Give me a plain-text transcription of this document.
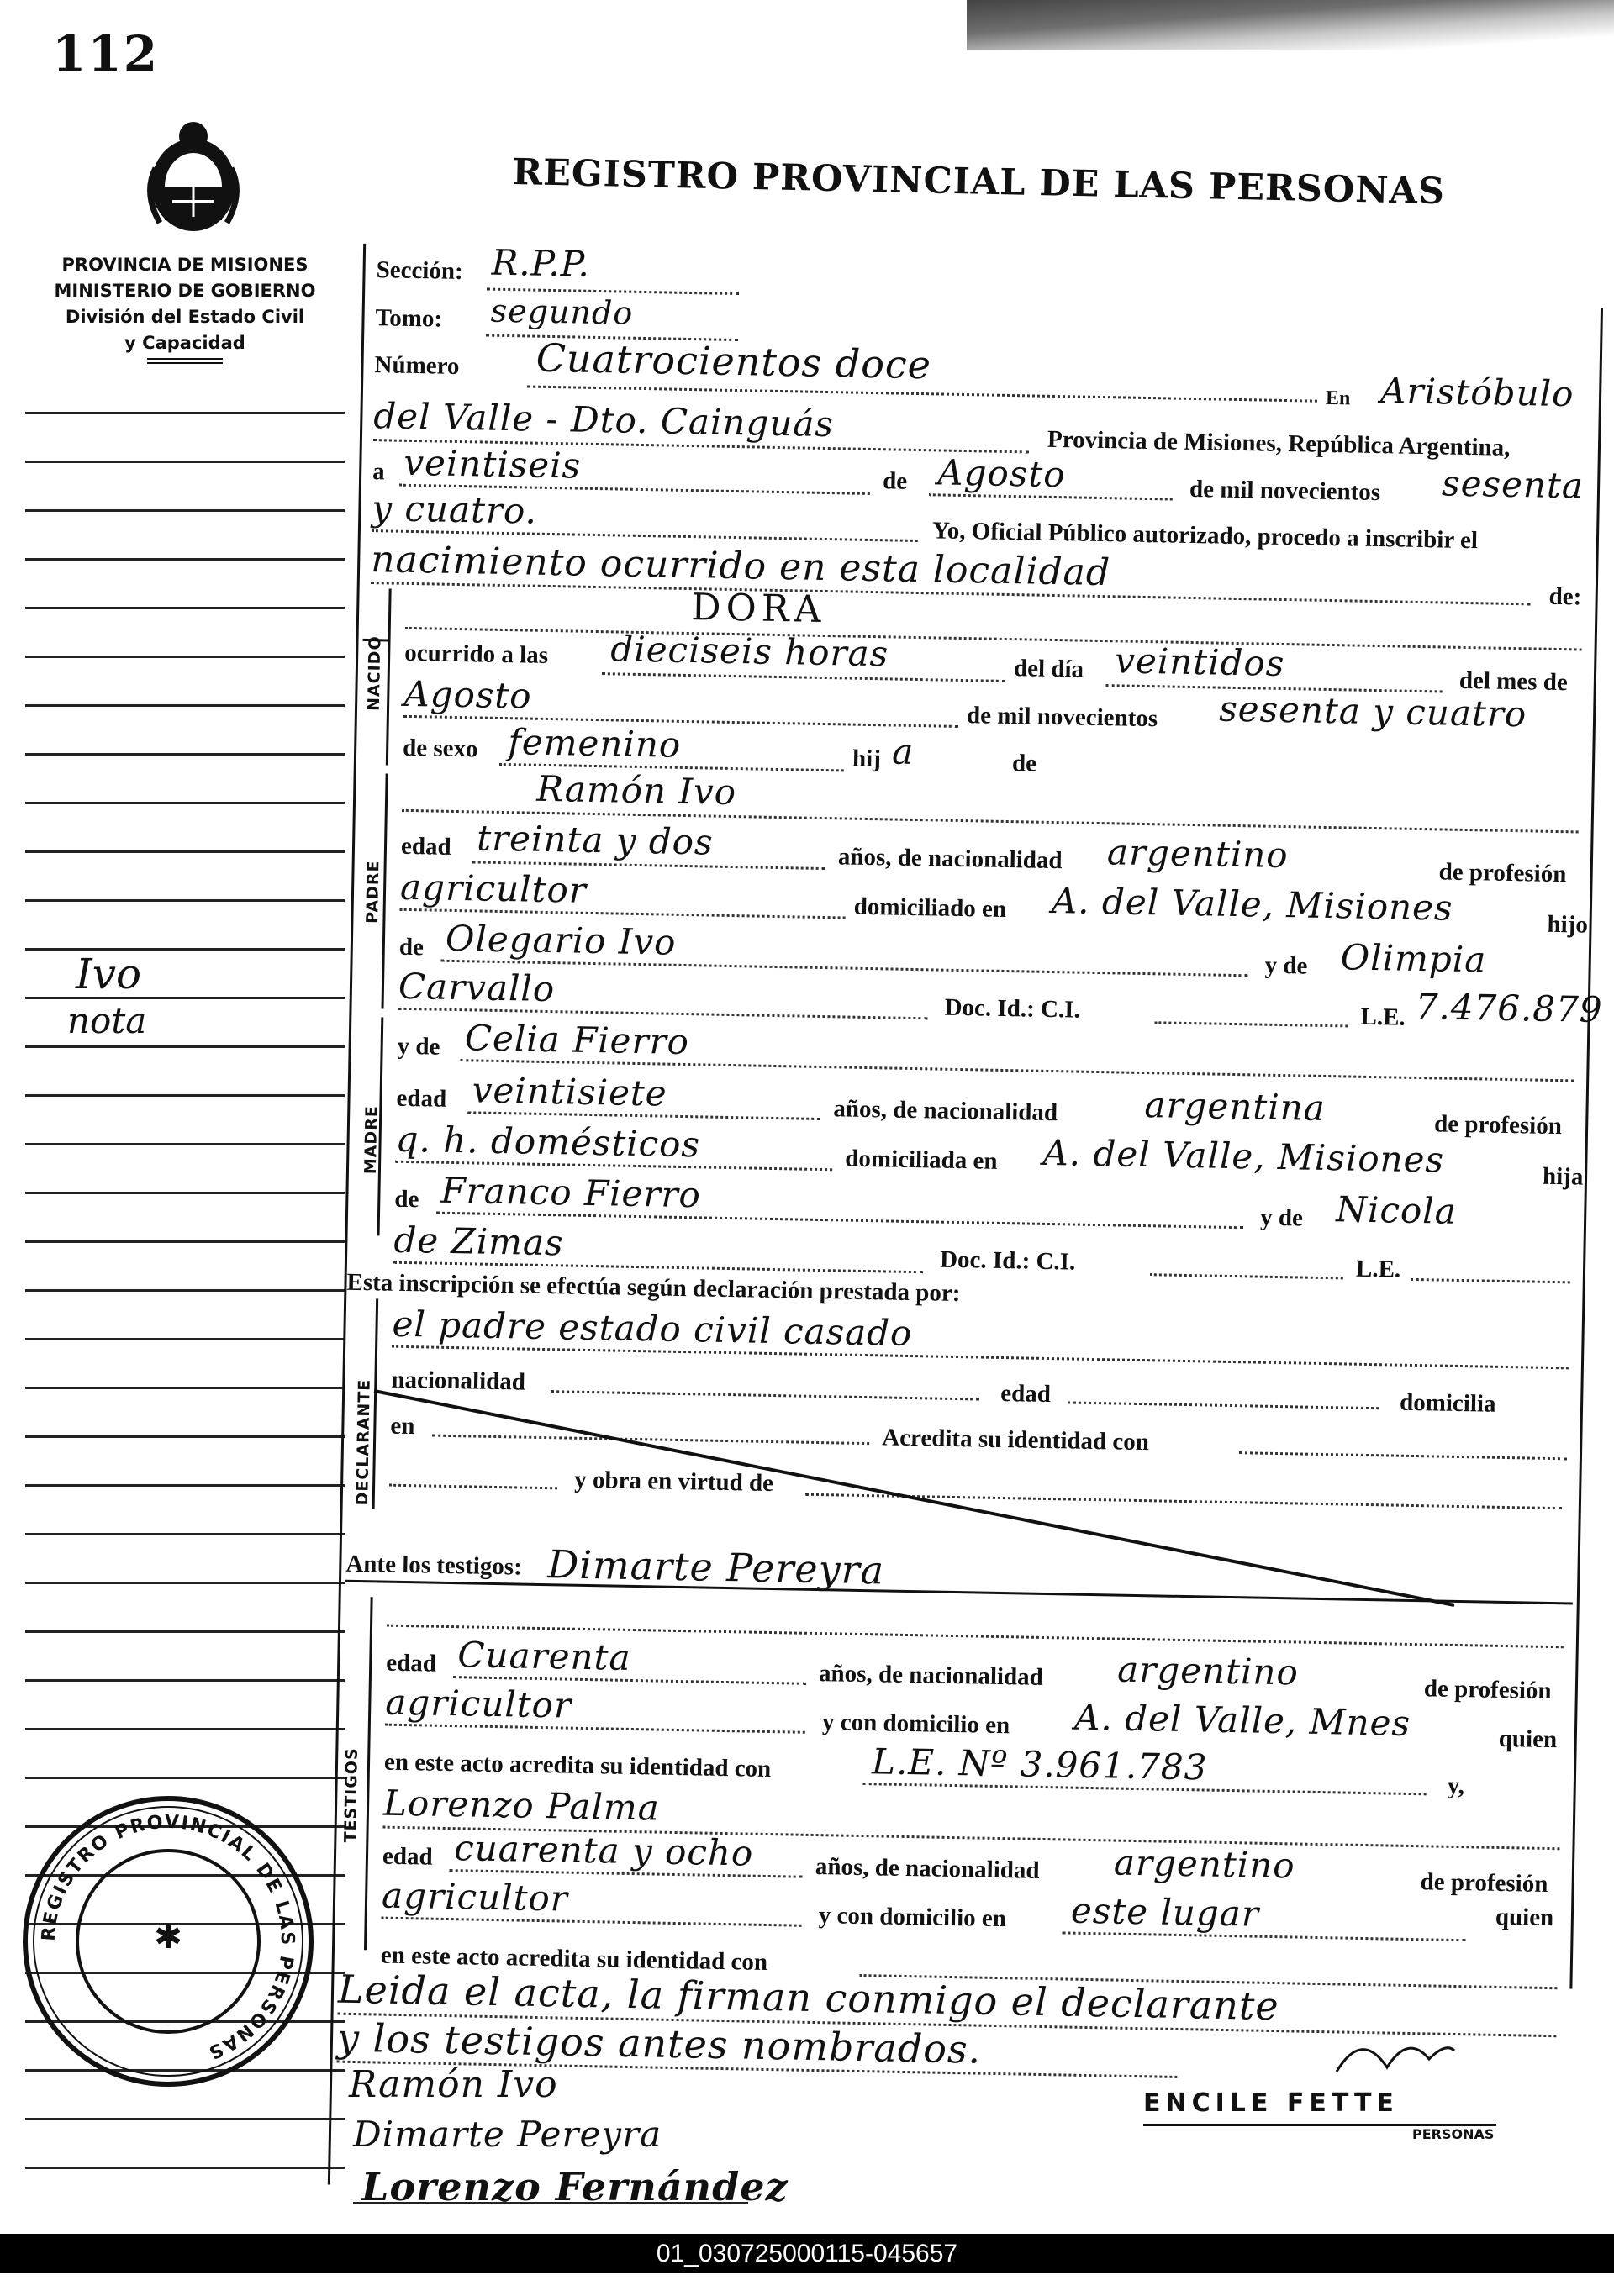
112
REGISTRO PROVINCIAL DE LAS PERSONAS
PROVINCIA DE MISIONES
MINISTERIO DE GOBIERNO
División del Estado Civil
y Capacidad
Ivo
nota
REGISTRO PROVINCIAL DE LAS PERSONAS
✱
NACIDO
PADRE
MADRE
DECLARANTE
TESTIGOS
Sección: R.P.P.
Tomo: segundo
Número Cuatrocientos doce
En Aristóbulo
del Valle - Dto. Cainguás	Provincia de Misiones, República Argentina,
a veintiseis	de Agosto	de mil novecientos sesenta
y cuatro.
Yo, Oficial Público autorizado, procedo a inscribir el
nacimiento ocurrido en esta localidad
de:
DORA
ocurrido a las dieciseis horas	del día veintidos	del mes de
Agosto
de mil novecientos sesenta y cuatro
de sexo femenino	hij a	de
Ramón Ivo
edad treinta y dos	años, de nacionalidad argentino	de profesión
agricultor	domiciliado en A. del Valle, Misiones	hijo
de Olegario Ivo
y de Olimpia
Carvallo	Doc. Id.: C.I.	L.E. 7.476.879
y de Celia Fierro
edad veintisiete	años, de nacionalidad argentina	de profesión
q. h. domésticos	domiciliada en A. del Valle, Misiones	hija
de Franco Fierro
y de Nicola
de Zimas	Doc. Id.: C.I.	L.E.
Esta inscripción se efectúa según declaración prestada por:
el padre estado civil casado
nacionalidad	edad	domicilia
en	Acredita su identidad con
y obra en virtud de
Ante los testigos: Dimarte Pereyra
edad Cuarenta	años, de nacionalidad argentino	de profesión
agricultor	y con domicilio en A. del Valle, Mnes	quien
en este acto acredita su identidad con	L.E. Nº 3.961.783	y,
Lorenzo Palma
edad cuarenta y ocho	años, de nacionalidad argentino	de profesión
agricultor	y con domicilio en este lugar	quien
en este acto acredita su identidad con
Leida el acta, la firman conmigo el declarante
y los testigos antes nombrados.
Ramón Ivo
Dimarte Pereyra
Lorenzo Fernández
ENCILE FETTE
PERSONAS
01_030725000115-045657
